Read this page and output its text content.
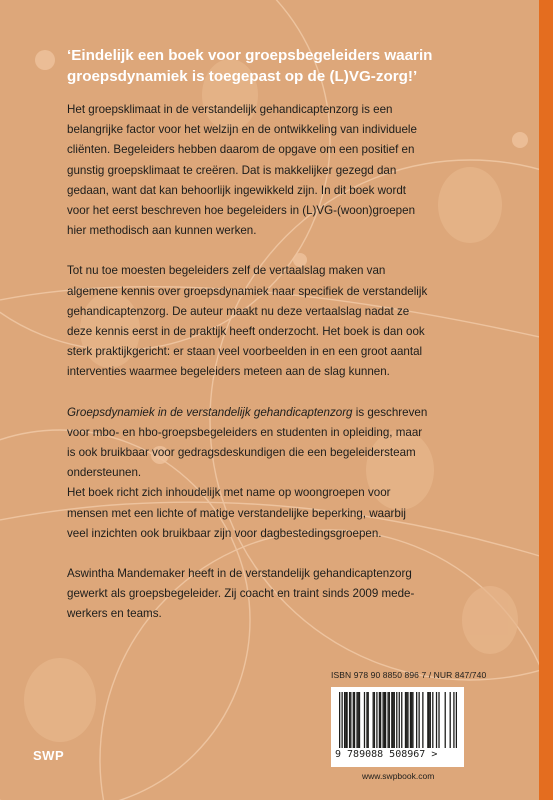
‘Eindelijk een boek voor groepsbegeleiders waarin
groepsdynamiek is toegepast op de (L)VG-zorg!’

Het groepsklimaat in de verstandelijk gehandicaptenzorg is een
belangrijke factor voor het welzijn en de ontwikkeling van individuele
cliënten. Begeleiders hebben daarom de opgave om een positief en
gunstig groepsklimaat te creëren. Dat is makkelijker gezegd dan
gedaan, want dat kan behoorlijk ingewikkeld zijn. In dit boek wordt
voor het eerst beschreven hoe begeleiders in (L)VG-(woon)groepen
hier methodisch aan kunnen werken.

Tot nu toe moesten begeleiders zelf de vertaalslag maken van
algemene kennis over groepsdynamiek naar specifiek de verstandelijk
gehandicaptenzorg. De auteur maakt nu deze vertaalslag nadat ze
deze kennis eerst in de praktijk heeft onderzocht. Het boek is dan ook
sterk praktijkgericht: er staan veel voorbeelden in en een groot aantal
interventies waarmee begeleiders meteen aan de slag kunnen.

Groepsdynamiek in de verstandelijk gehandicaptenzorg is geschreven
voor mbo- en hbo-groepsbegeleiders en studenten in opleiding, maar
is ook bruikbaar voor gedragsdeskundigen die een begeleidersteam
ondersteunen.

Het boek richt zich inhoudelijk met name op woongroepen voor
mensen met een lichte of matige verstandelijke beperking, waarbij
veel inzichten ook bruikbaar zijn voor dagbestedingsgroepen.

Aswintha Mandemaker heeft in de verstandelijk gehandicaptenzorg
gewerkt als groepsbegeleider. Zij coacht en traint sinds 2009 mede-
werkers en teams.

ISBN 978 90 8850 896 7 / NUR 847/740
9 789088 508967 >
www.swpbook.com
SWP
